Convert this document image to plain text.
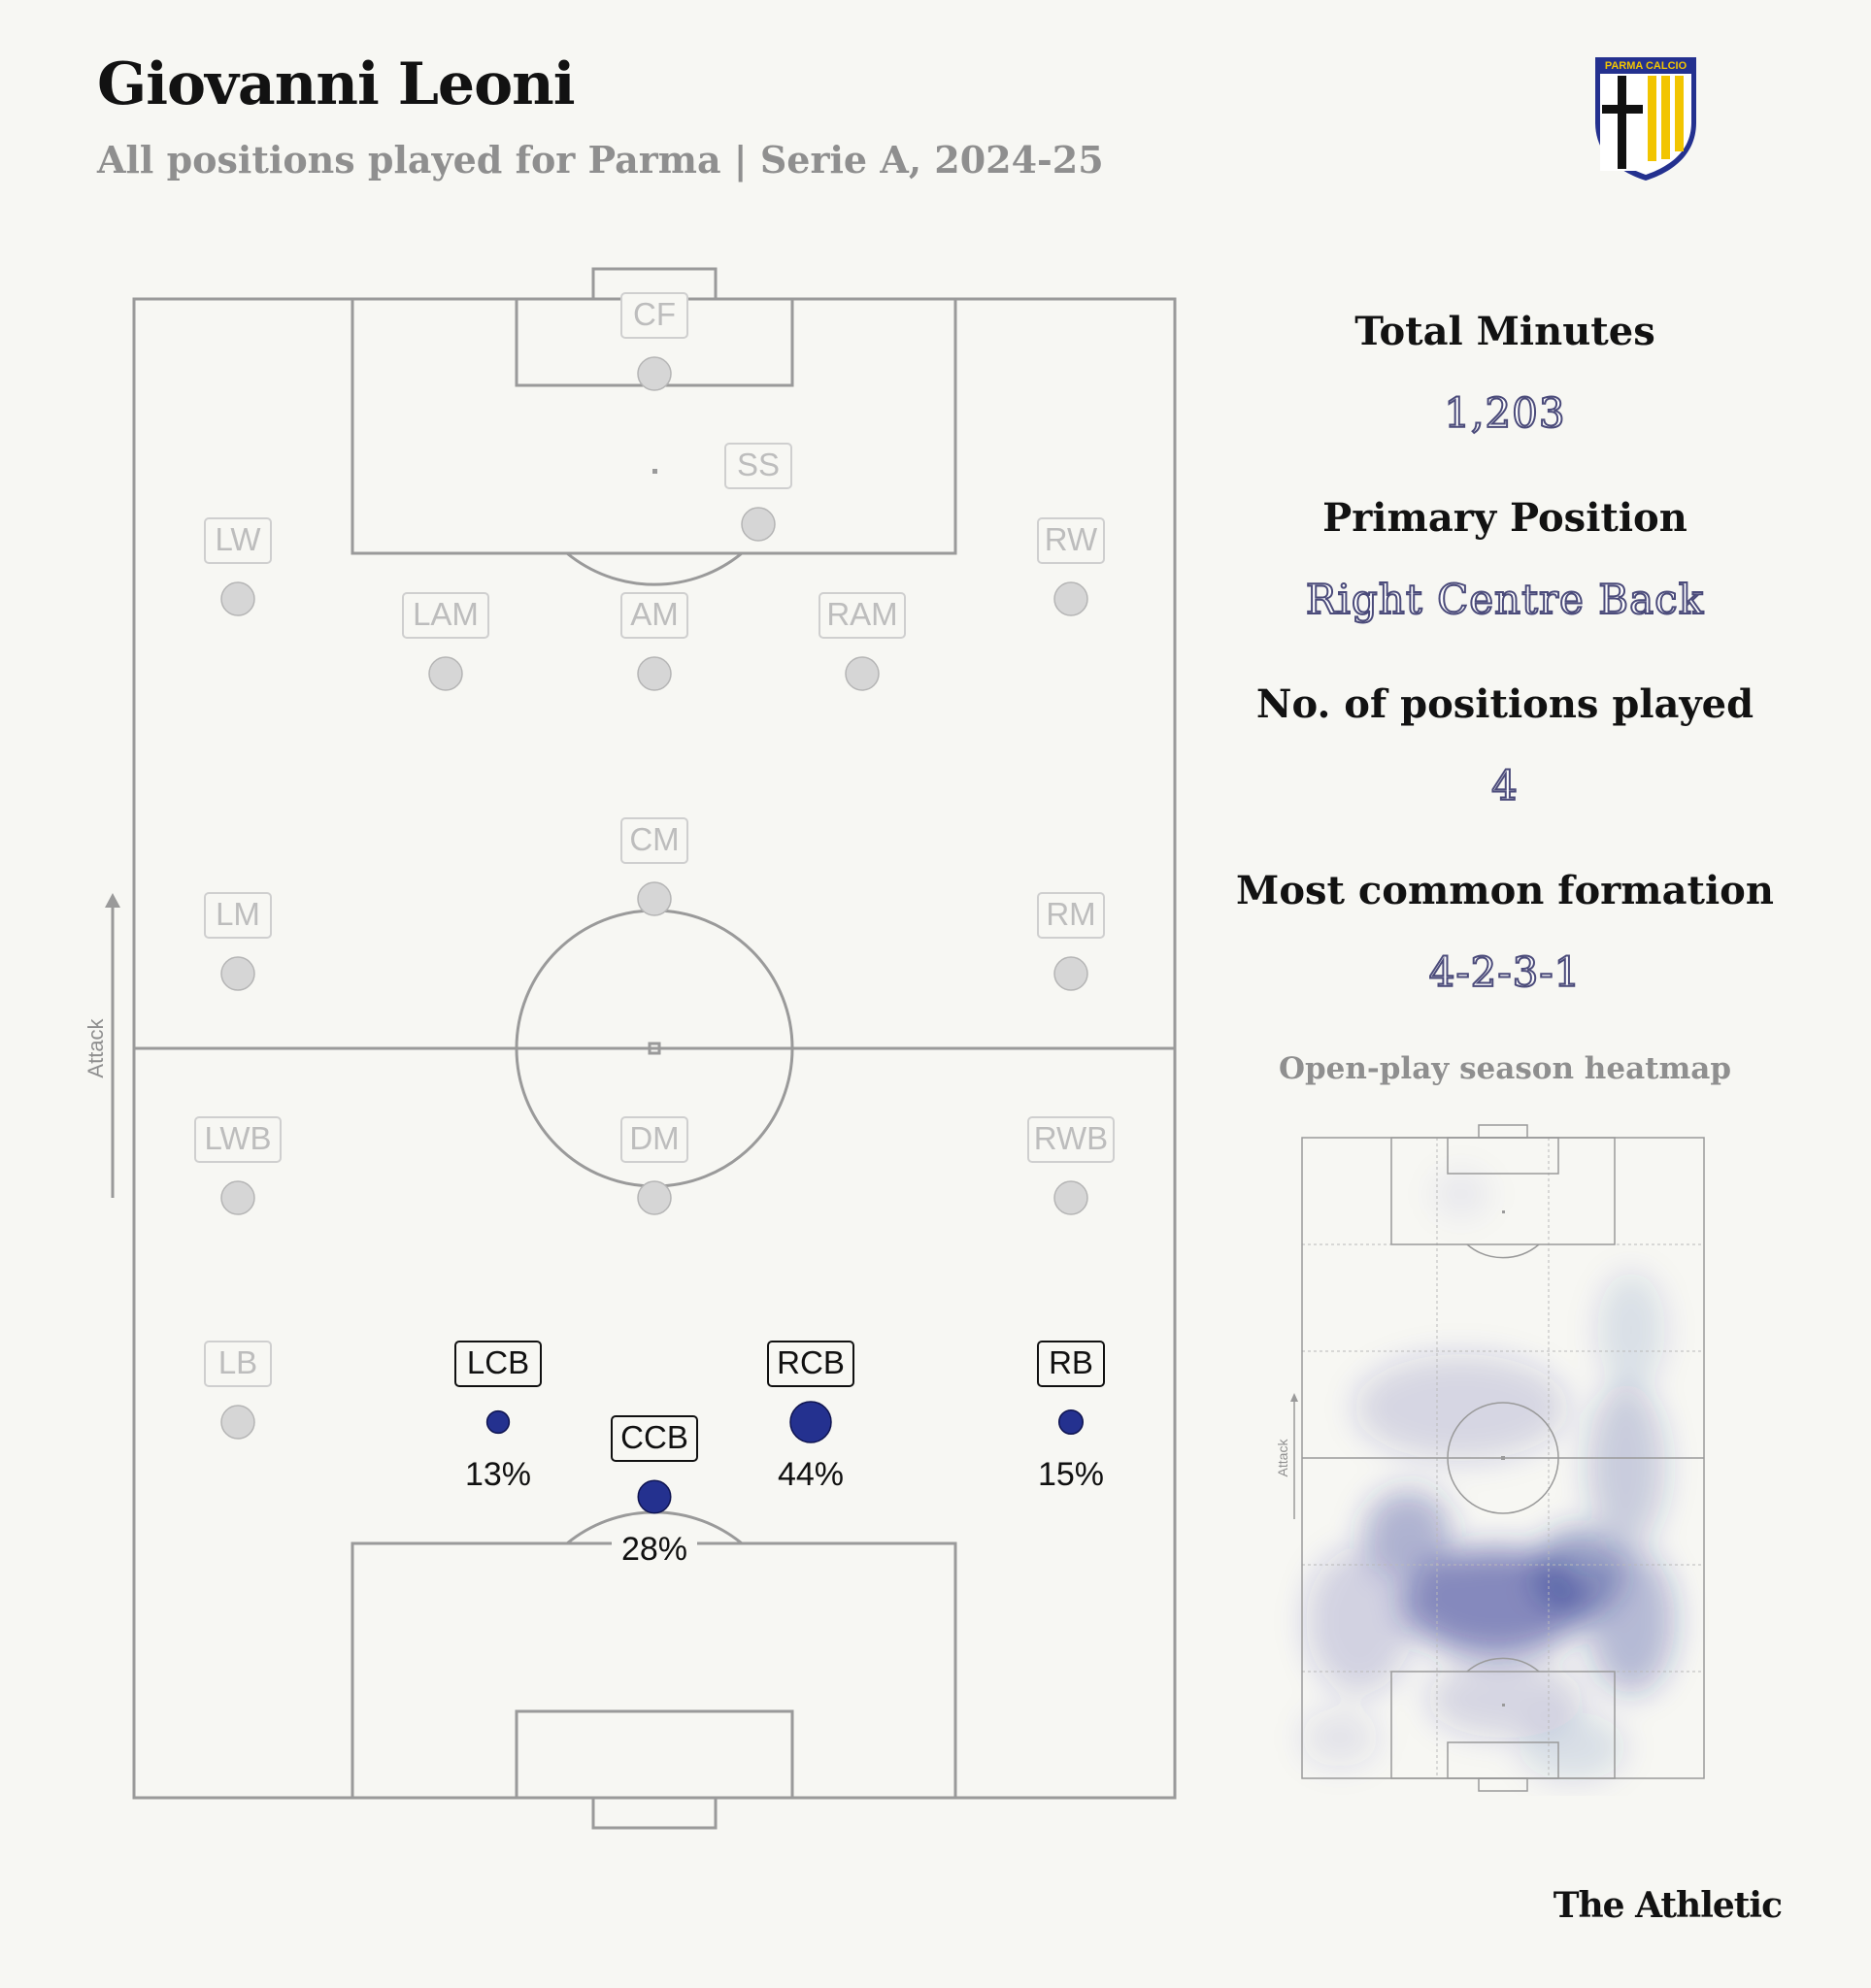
Giovanni Leoni
All positions played for Parma | Serie A, 2024-25
PARMA CALCIO
Attack
CF
SS
LW	RW
LAM	AM	RAM
CM
LM	RM
LWB	DM	RWB
LB	LCB
13%
CCB
28%
RCB
44%
RB
15%
Total Minutes
1,203
Primary Position
Right Centre Back
No. of positions played
4
Most common formation
4-2-3-1
Open-play season heatmap
Attack
The Athletic
